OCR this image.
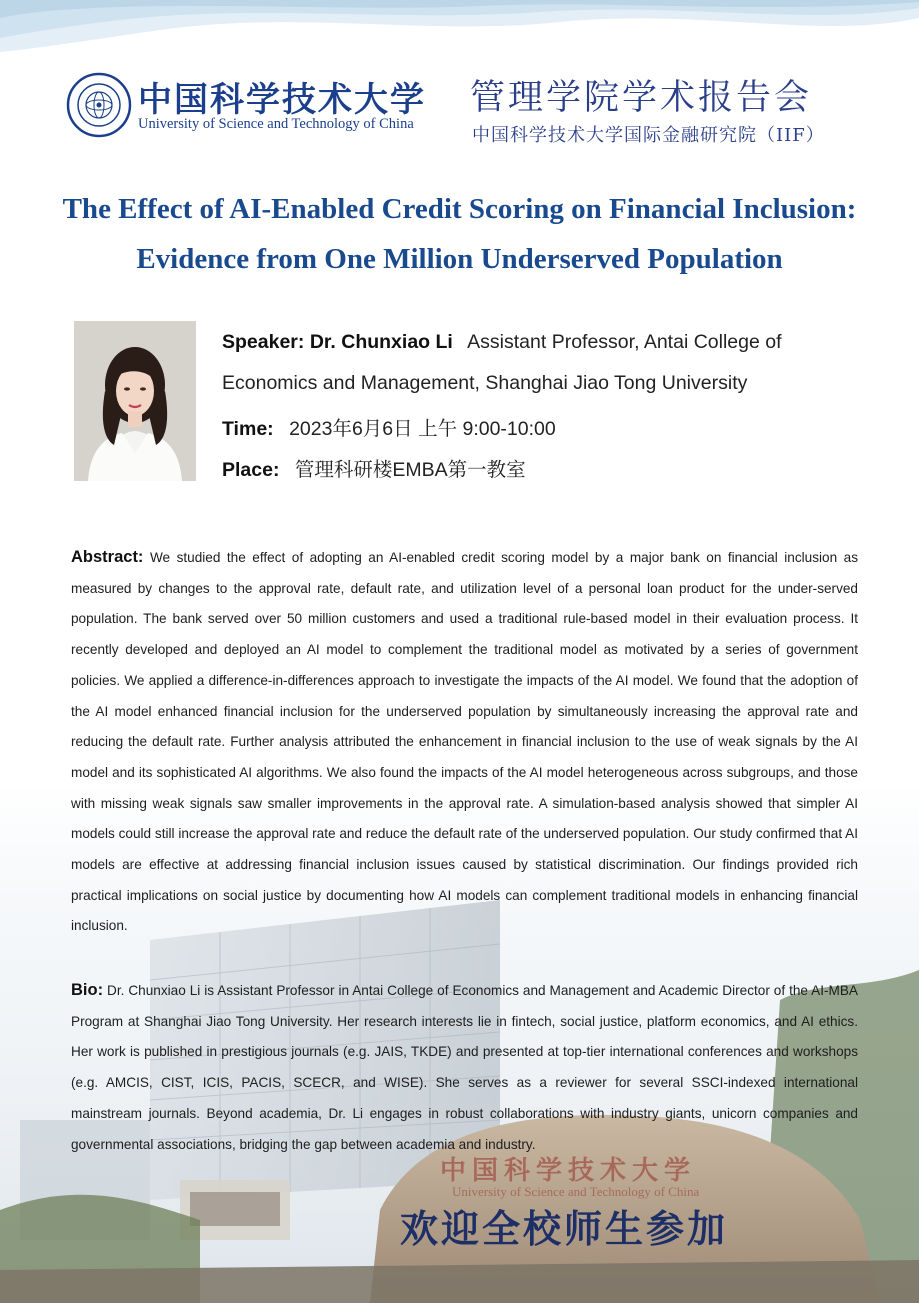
中国科学技术大学
University of Science and Technology of China
管理学院学术报告会
中国科学技术大学国际金融研究院（IIF）
The Effect of AI-Enabled Credit Scoring on Financial Inclusion:
Evidence from One Million Underserved Population
Speaker: Dr. Chunxiao Li Assistant Professor, Antai College of
Economics and Management, Shanghai Jiao Tong University
Time: 2023年6月6日 上午 9:00-10:00
Place: 管理科研楼EMBA第一教室
中国科学技术大学
University of Science and Technology of China
Abstract: We studied the effect of adopting an AI-enabled credit scoring model by a major bank on financial inclusion as measured by changes to the approval rate, default rate, and utilization level of a personal loan product for the under-served population. The bank served over 50 million customers and used a traditional rule-based model in their evaluation process. It recently developed and deployed an AI model to complement the traditional model as motivated by a series of government policies. We applied a difference-in-differences approach to investigate the impacts of the AI model. We found that the adoption of the AI model enhanced financial inclusion for the underserved population by simultaneously increasing the approval rate and reducing the default rate. Further analysis attributed the enhancement in financial inclusion to the use of weak signals by the AI model and its sophisticated AI algorithms. We also found the impacts of the AI model heterogeneous across subgroups, and those with missing weak signals saw smaller improvements in the approval rate. A simulation-based analysis showed that simpler AI models could still increase the approval rate and reduce the default rate of the underserved population. Our study confirmed that AI models are effective at addressing financial inclusion issues caused by statistical discrimination. Our findings provided rich practical implications on social justice by documenting how AI models can complement traditional models in enhancing financial inclusion.
Bio: Dr. Chunxiao Li is Assistant Professor in Antai College of Economics and Management and Academic Director of the AI-MBA Program at Shanghai Jiao Tong University. Her research interests lie in fintech, social justice, platform economics, and AI ethics. Her work is published in prestigious journals (e.g. JAIS, TKDE) and presented at top-tier international conferences and workshops (e.g. AMCIS, CIST, ICIS, PACIS, SCECR, and WISE). She serves as a reviewer for several SSCI-indexed international mainstream journals. Beyond academia, Dr. Li engages in robust collaborations with industry giants, unicorn companies and governmental associations, bridging the gap between academia and industry.
欢迎全校师生参加
